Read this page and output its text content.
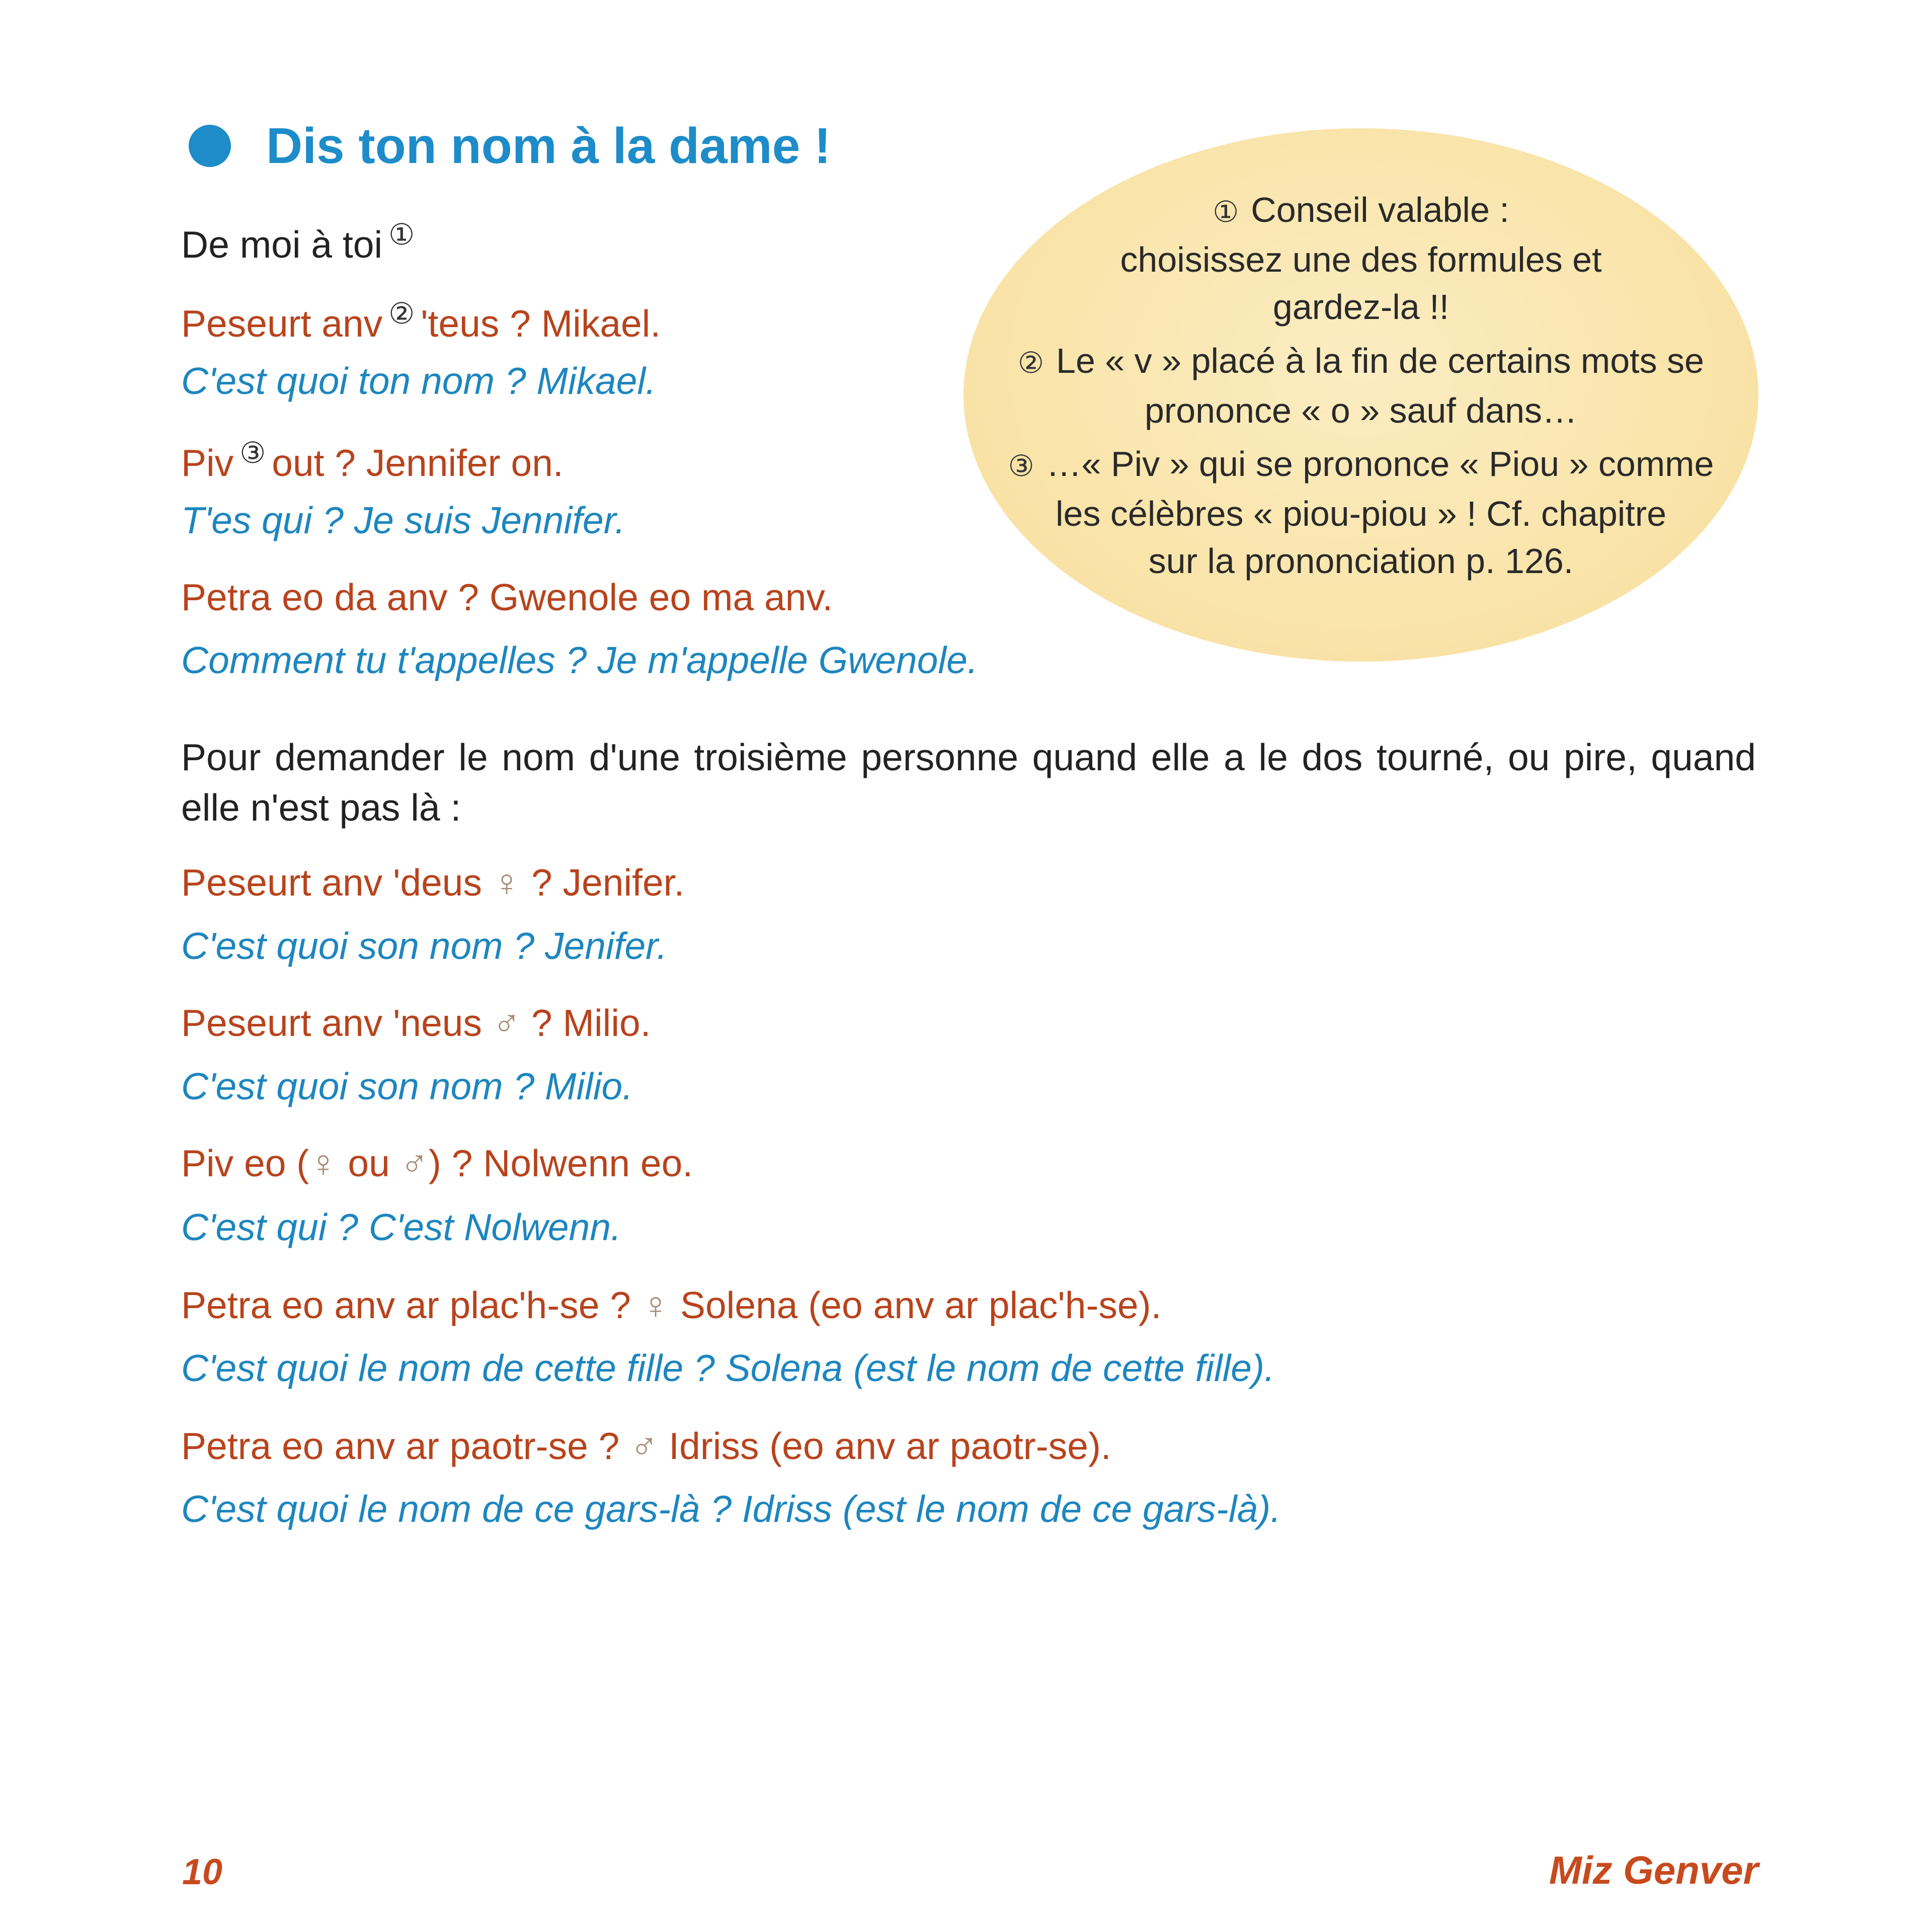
Dis ton nom à la dame !
De moi à toi ①
Peseurt anv ② 'teus ? Mikael.
C'est quoi ton nom ? Mikael.
Piv ③ out ? Jennifer on.
T'es qui ? Je suis Jennifer.
Petra eo da anv ? Gwenole eo ma anv.
Comment tu t'appelles ? Je m'appelle Gwenole.
① Conseil valable :
choisissez une des formules et
gardez-la !!
② Le « v » placé à la fin de certains mots se
prononce « o » sauf dans…
③ …« Piv » qui se prononce « Piou » comme
les célèbres « piou-piou » ! Cf. chapitre
sur la prononciation p. 126.
Pour demander le nom d'une troisième personne quand elle a le dos tourné, ou pire, quand elle n'est pas là :
Peseurt anv 'deus ♀ ? Jenifer.
C'est quoi son nom ? Jenifer.
Peseurt anv 'neus ♂ ? Milio.
C'est quoi son nom ? Milio.
Piv eo (♀ ou ♂) ? Nolwenn eo.
C'est qui ? C'est Nolwenn.
Petra eo anv ar plac'h-se ? ♀ Solena (eo anv ar plac'h-se).
C'est quoi le nom de cette fille ? Solena (est le nom de cette fille).
Petra eo anv ar paotr-se ? ♂ Idriss (eo anv ar paotr-se).
C'est quoi le nom de ce gars-là ? Idriss (est le nom de ce gars-là).
10	Miz Genver
